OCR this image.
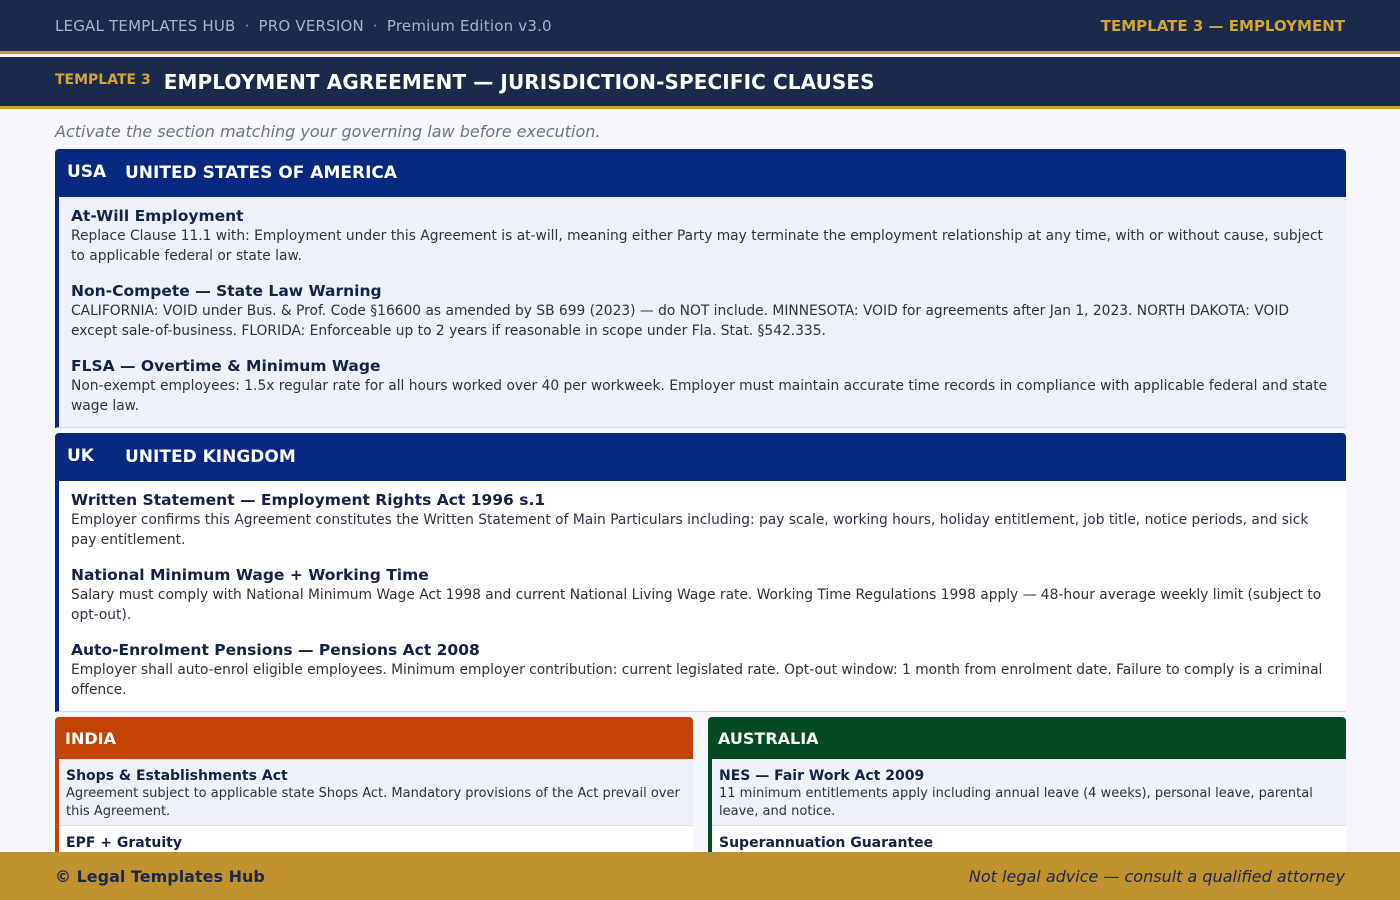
LEGAL TEMPLATES HUB · PRO VERSION · Premium Edition v3.0	TEMPLATE 3 — EMPLOYMENT
TEMPLATE 3 EMPLOYMENT AGREEMENT — JURISDICTION-SPECIFIC CLAUSES
Activate the section matching your governing law before execution.
USA	UNITED STATES OF AMERICA
At-Will Employment
Replace Clause 11.1 with: Employment under this Agreement is at-will, meaning either Party may terminate the employment relationship at any time, with or without cause, subject to applicable federal or state law.
Non-Compete — State Law Warning
CALIFORNIA: VOID under Bus. & Prof. Code §16600 as amended by SB 699 (2023) — do NOT include. MINNESOTA: VOID for agreements after Jan 1, 2023. NORTH DAKOTA: VOID except sale-of-business. FLORIDA: Enforceable up to 2 years if reasonable in scope under Fla. Stat. §542.335.
FLSA — Overtime & Minimum Wage
Non-exempt employees: 1.5x regular rate for all hours worked over 40 per workweek. Employer must maintain accurate time records in compliance with applicable federal and state wage law.
UK	UNITED KINGDOM
Written Statement — Employment Rights Act 1996 s.1
Employer confirms this Agreement constitutes the Written Statement of Main Particulars including: pay scale, working hours, holiday entitlement, job title, notice periods, and sick pay entitlement.
National Minimum Wage + Working Time
Salary must comply with National Minimum Wage Act 1998 and current National Living Wage rate. Working Time Regulations 1998 apply — 48-hour average weekly limit (subject to opt-out).
Auto-Enrolment Pensions — Pensions Act 2008
Employer shall auto-enrol eligible employees. Minimum employer contribution: current legislated rate. Opt-out window: 1 month from enrolment date. Failure to comply is a criminal offence.
INDIA
Shops & Establishments Act
Agreement subject to applicable state Shops Act. Mandatory provisions of the Act prevail over this Agreement.
EPF + Gratuity
AUSTRALIA
NES — Fair Work Act 2009
11 minimum entitlements apply including annual leave (4 weeks), personal leave, parental leave, and notice.
Superannuation Guarantee
© Legal Templates Hub	Not legal advice — consult a qualified attorney
